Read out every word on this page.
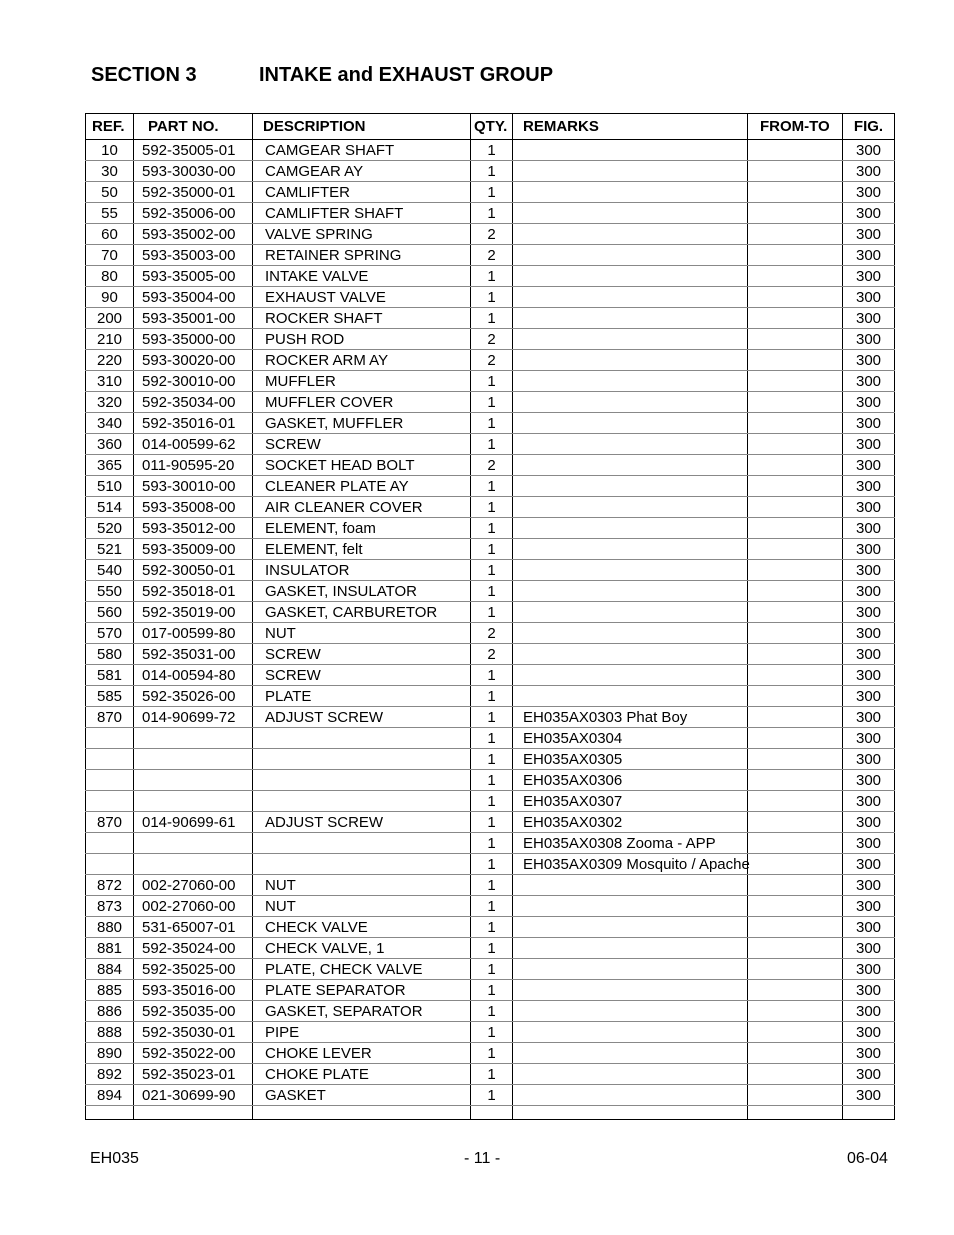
SECTION 3	INTAKE and EXHAUST GROUP
REF.	PART NO.	DESCRIPTION	QTY.	REMARKS	FROM-TO	FIG.
10	592-35005-01	CAMGEAR SHAFT	1			300
30	593-30030-00	CAMGEAR AY	1			300
50	592-35000-01	CAMLIFTER	1			300
55	592-35006-00	CAMLIFTER SHAFT	1			300
60	593-35002-00	VALVE SPRING	2			300
70	593-35003-00	RETAINER SPRING	2			300
80	593-35005-00	INTAKE VALVE	1			300
90	593-35004-00	EXHAUST VALVE	1			300
200	593-35001-00	ROCKER SHAFT	1			300
210	593-35000-00	PUSH ROD	2			300
220	593-30020-00	ROCKER ARM AY	2			300
310	592-30010-00	MUFFLER	1			300
320	592-35034-00	MUFFLER COVER	1			300
340	592-35016-01	GASKET, MUFFLER	1			300
360	014-00599-62	SCREW	1			300
365	011-90595-20	SOCKET HEAD BOLT	2			300
510	593-30010-00	CLEANER PLATE AY	1			300
514	593-35008-00	AIR CLEANER COVER	1			300
520	593-35012-00	ELEMENT, foam	1			300
521	593-35009-00	ELEMENT, felt	1			300
540	592-30050-01	INSULATOR	1			300
550	592-35018-01	GASKET, INSULATOR	1			300
560	592-35019-00	GASKET, CARBURETOR	1			300
570	017-00599-80	NUT	2			300
580	592-35031-00	SCREW	2			300
581	014-00594-80	SCREW	1			300
585	592-35026-00	PLATE	1			300
870	014-90699-72	ADJUST SCREW	1	EH035AX0303 Phat Boy		300
			1	EH035AX0304		300
			1	EH035AX0305		300
			1	EH035AX0306		300
			1	EH035AX0307		300
870	014-90699-61	ADJUST SCREW	1	EH035AX0302		300
			1	EH035AX0308 Zooma - APP		300
			1	EH035AX0309 Mosquito / Apache		300
872	002-27060-00	NUT	1			300
873	002-27060-00	NUT	1			300
880	531-65007-01	CHECK VALVE	1			300
881	592-35024-00	CHECK VALVE, 1	1			300
884	592-35025-00	PLATE, CHECK VALVE	1			300
885	593-35016-00	PLATE SEPARATOR	1			300
886	592-35035-00	GASKET, SEPARATOR	1			300
888	592-35030-01	PIPE	1			300
890	592-35022-00	CHOKE LEVER	1			300
892	592-35023-01	CHOKE PLATE	1			300
894	021-30699-90	GASKET	1			300

EH035	- 11 -	06-04
